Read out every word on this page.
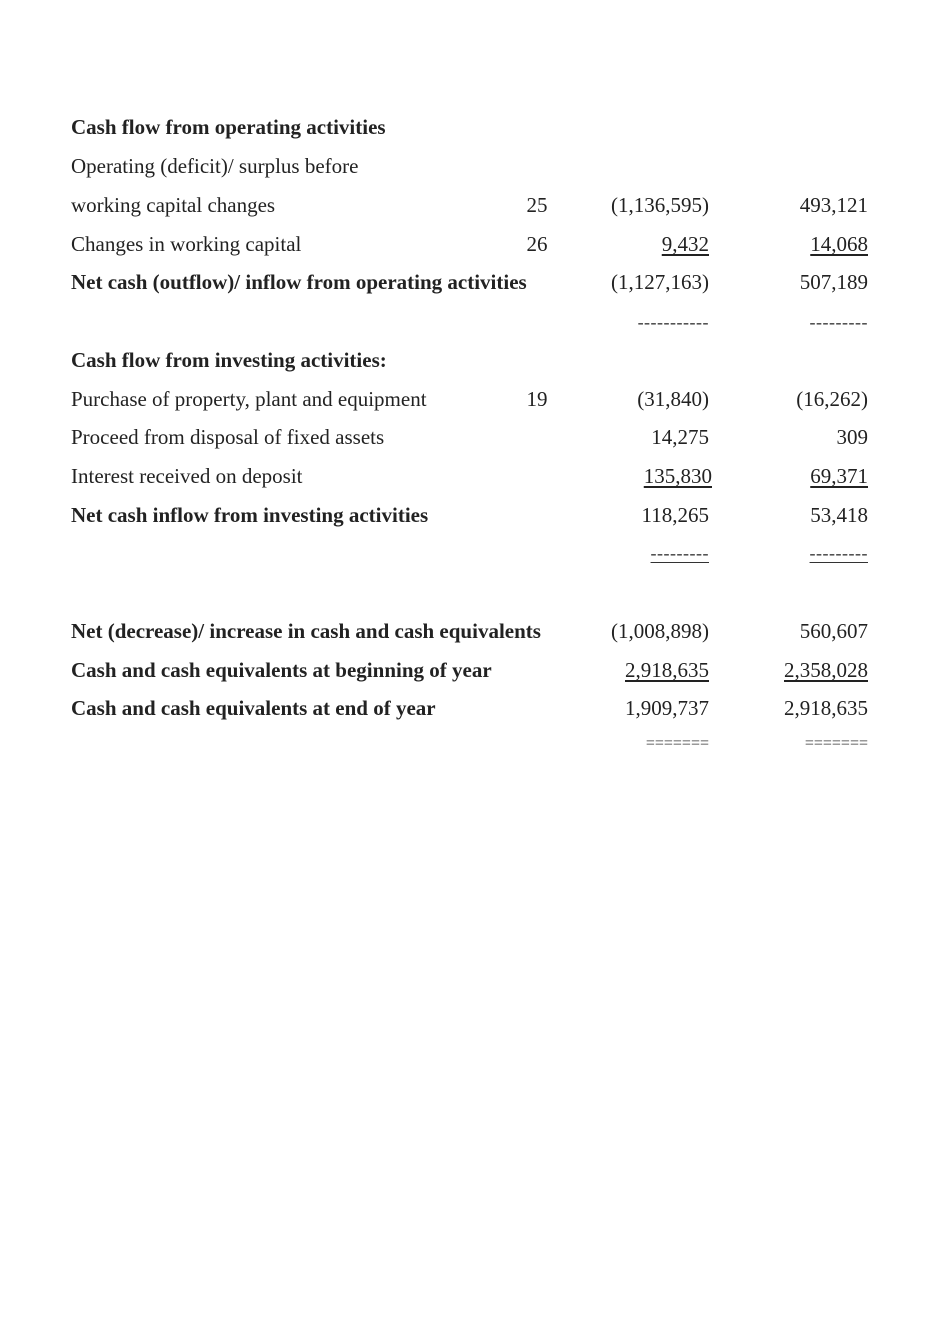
Cash flow from operating activities
Operating (deficit)/ surplus before
working capital changes	25	(1,136,595)	493,121
Changes in working capital	26	9,432	14,068
Net cash (outflow)/ inflow from operating activities	(1,127,163)	507,189
-----------	---------
Cash flow from investing activities:
Purchase of property, plant and equipment	19	(31,840)	(16,262)
Proceed from disposal of fixed assets	14,275	309
Interest received on deposit	135,830	69,371
Net cash inflow from investing activities	118,265	53,418
---------	---------
Net (decrease)/ increase in cash and cash equivalents	(1,008,898)	560,607
Cash and cash equivalents at beginning of year	2,918,635	2,358,028
Cash and cash equivalents at end of year	1,909,737	2,918,635
=======	=======
